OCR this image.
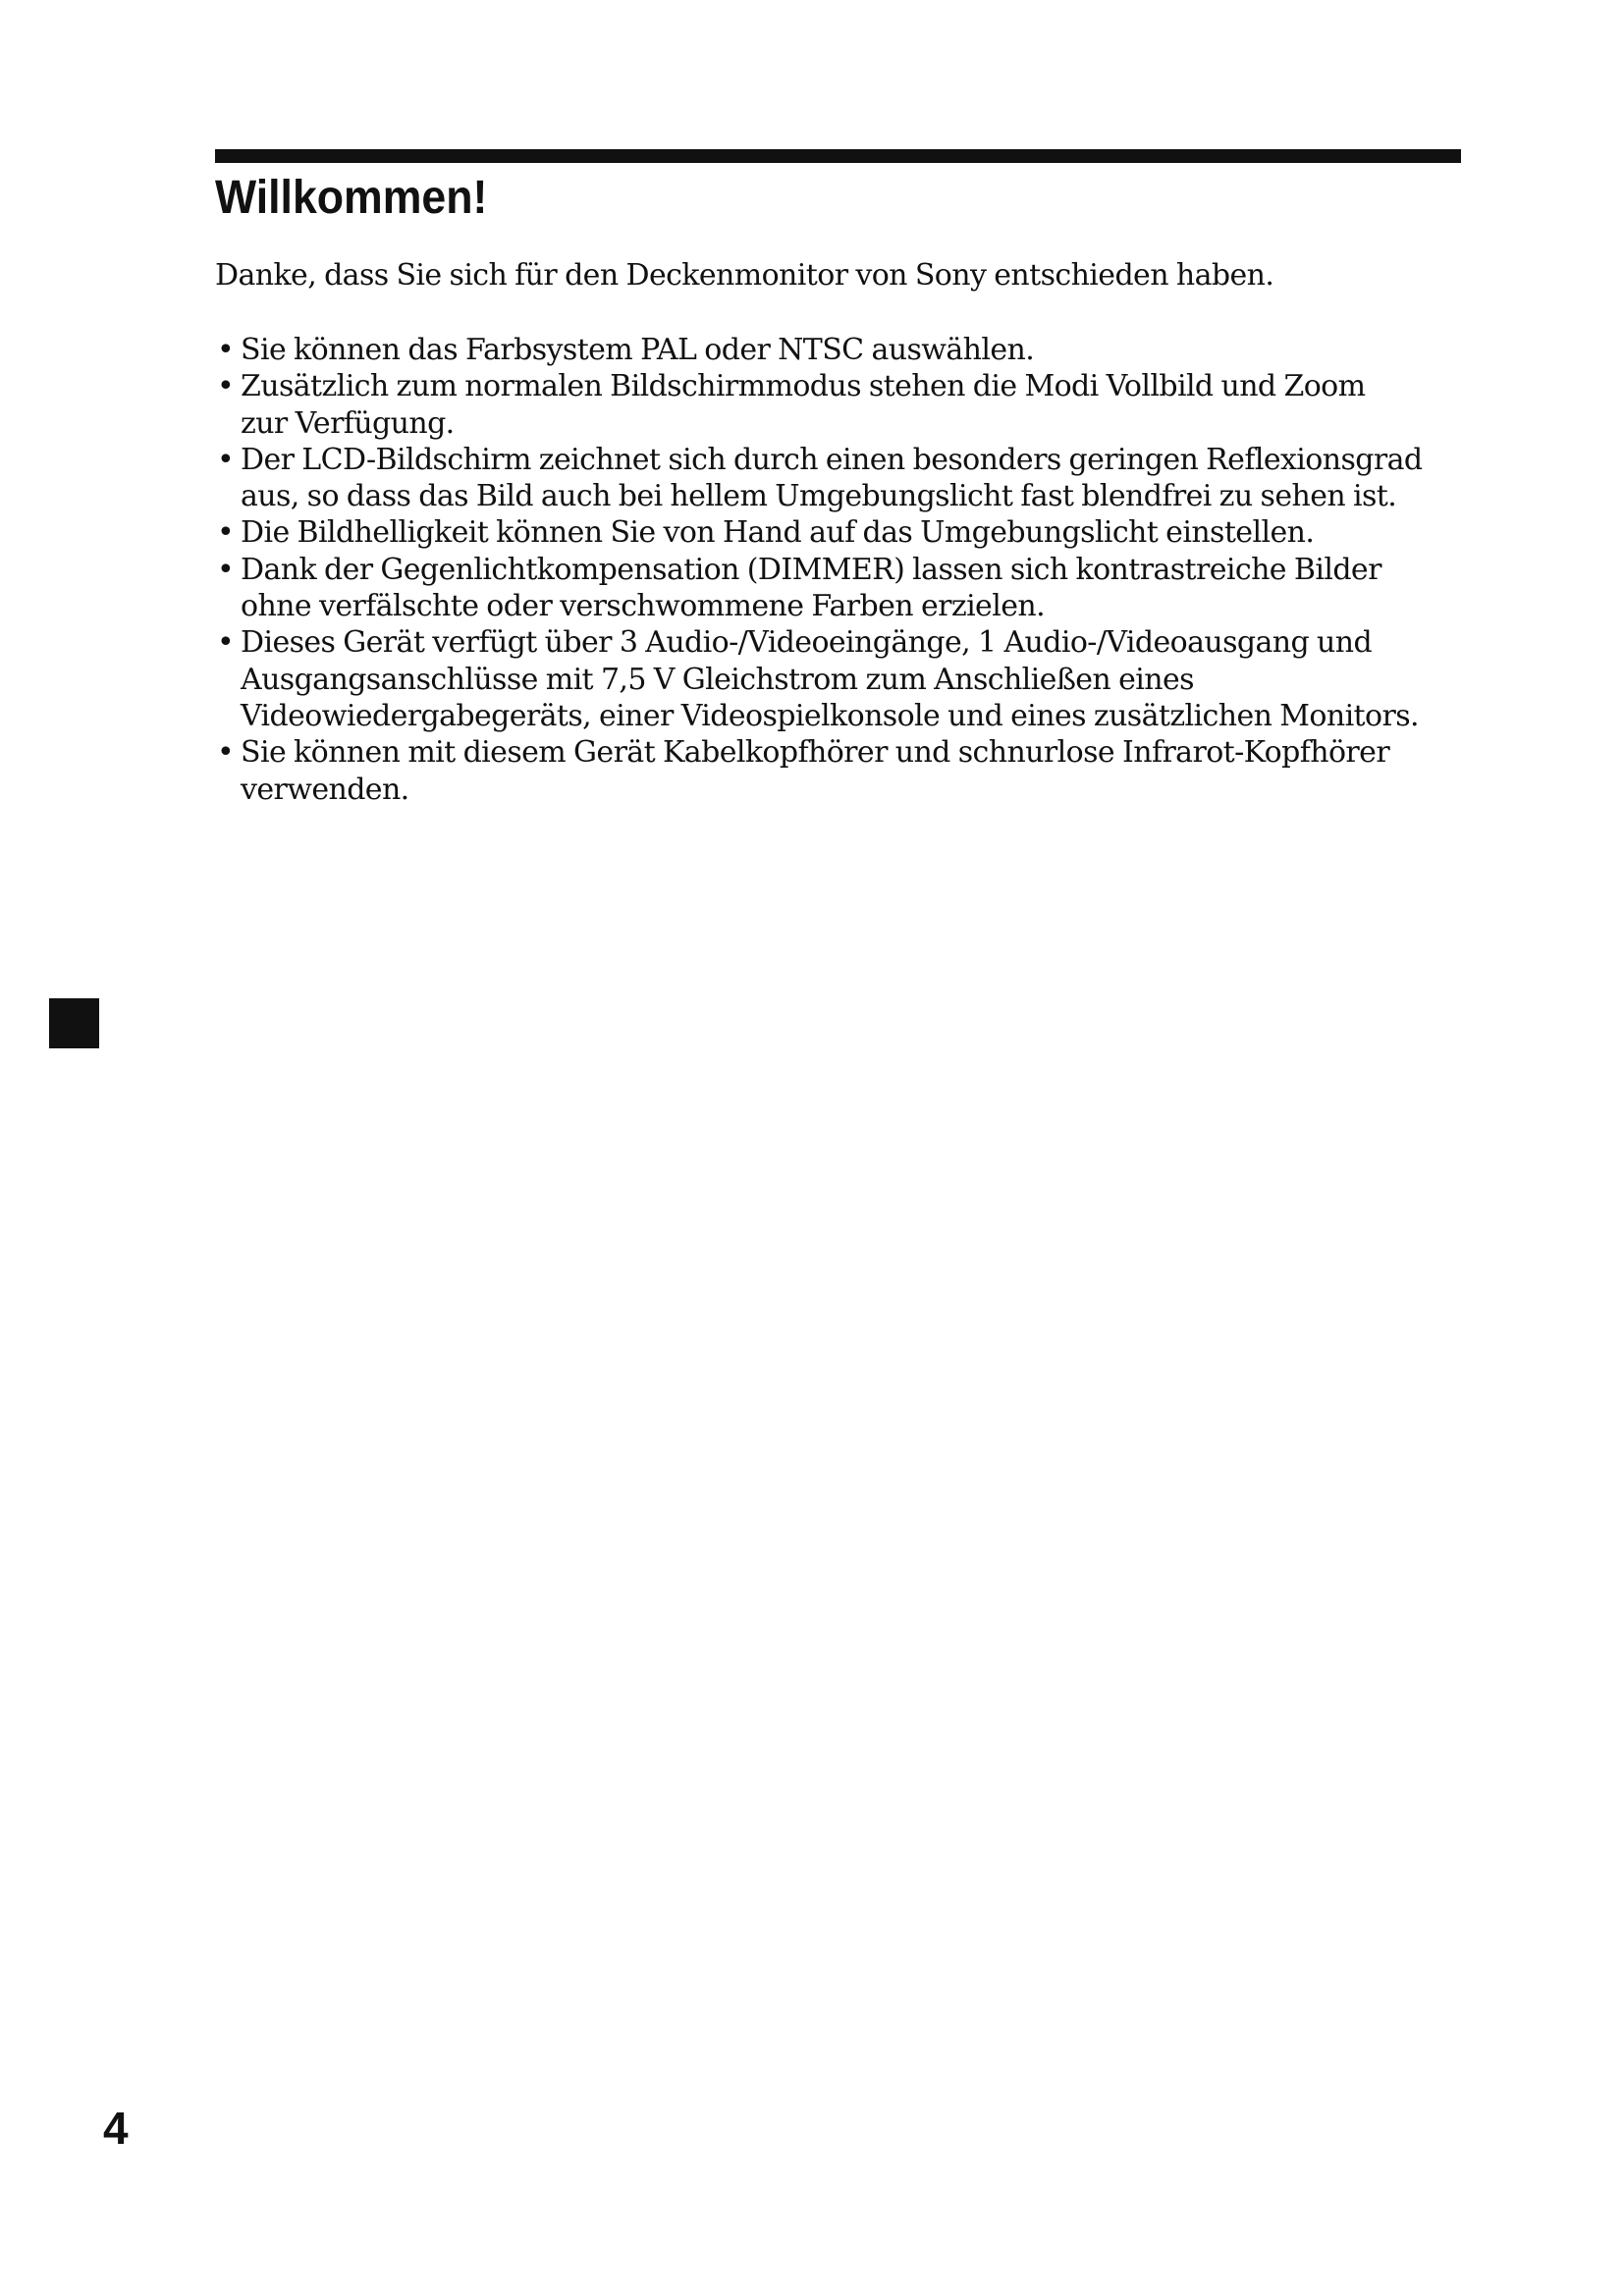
Willkommen!

Danke, dass Sie sich für den Deckenmonitor von Sony entschieden haben.

• Sie können das Farbsystem PAL oder NTSC auswählen.
• Zusätzlich zum normalen Bildschirmmodus stehen die Modi Vollbild und Zoom
zur Verfügung.
• Der LCD-Bildschirm zeichnet sich durch einen besonders geringen Reflexionsgrad
aus, so dass das Bild auch bei hellem Umgebungslicht fast blendfrei zu sehen ist.
• Die Bildhelligkeit können Sie von Hand auf das Umgebungslicht einstellen.
• Dank der Gegenlichtkompensation (DIMMER) lassen sich kontrastreiche Bilder
ohne verfälschte oder verschwommene Farben erzielen.
• Dieses Gerät verfügt über 3 Audio-/Videoeingänge, 1 Audio-/Videoausgang und
Ausgangsanschlüsse mit 7,5 V Gleichstrom zum Anschließen eines
Videowiedergabegeräts, einer Videospielkonsole und eines zusätzlichen Monitors.
• Sie können mit diesem Gerät Kabelkopfhörer und schnurlose Infrarot-Kopfhörer
verwenden.

4
